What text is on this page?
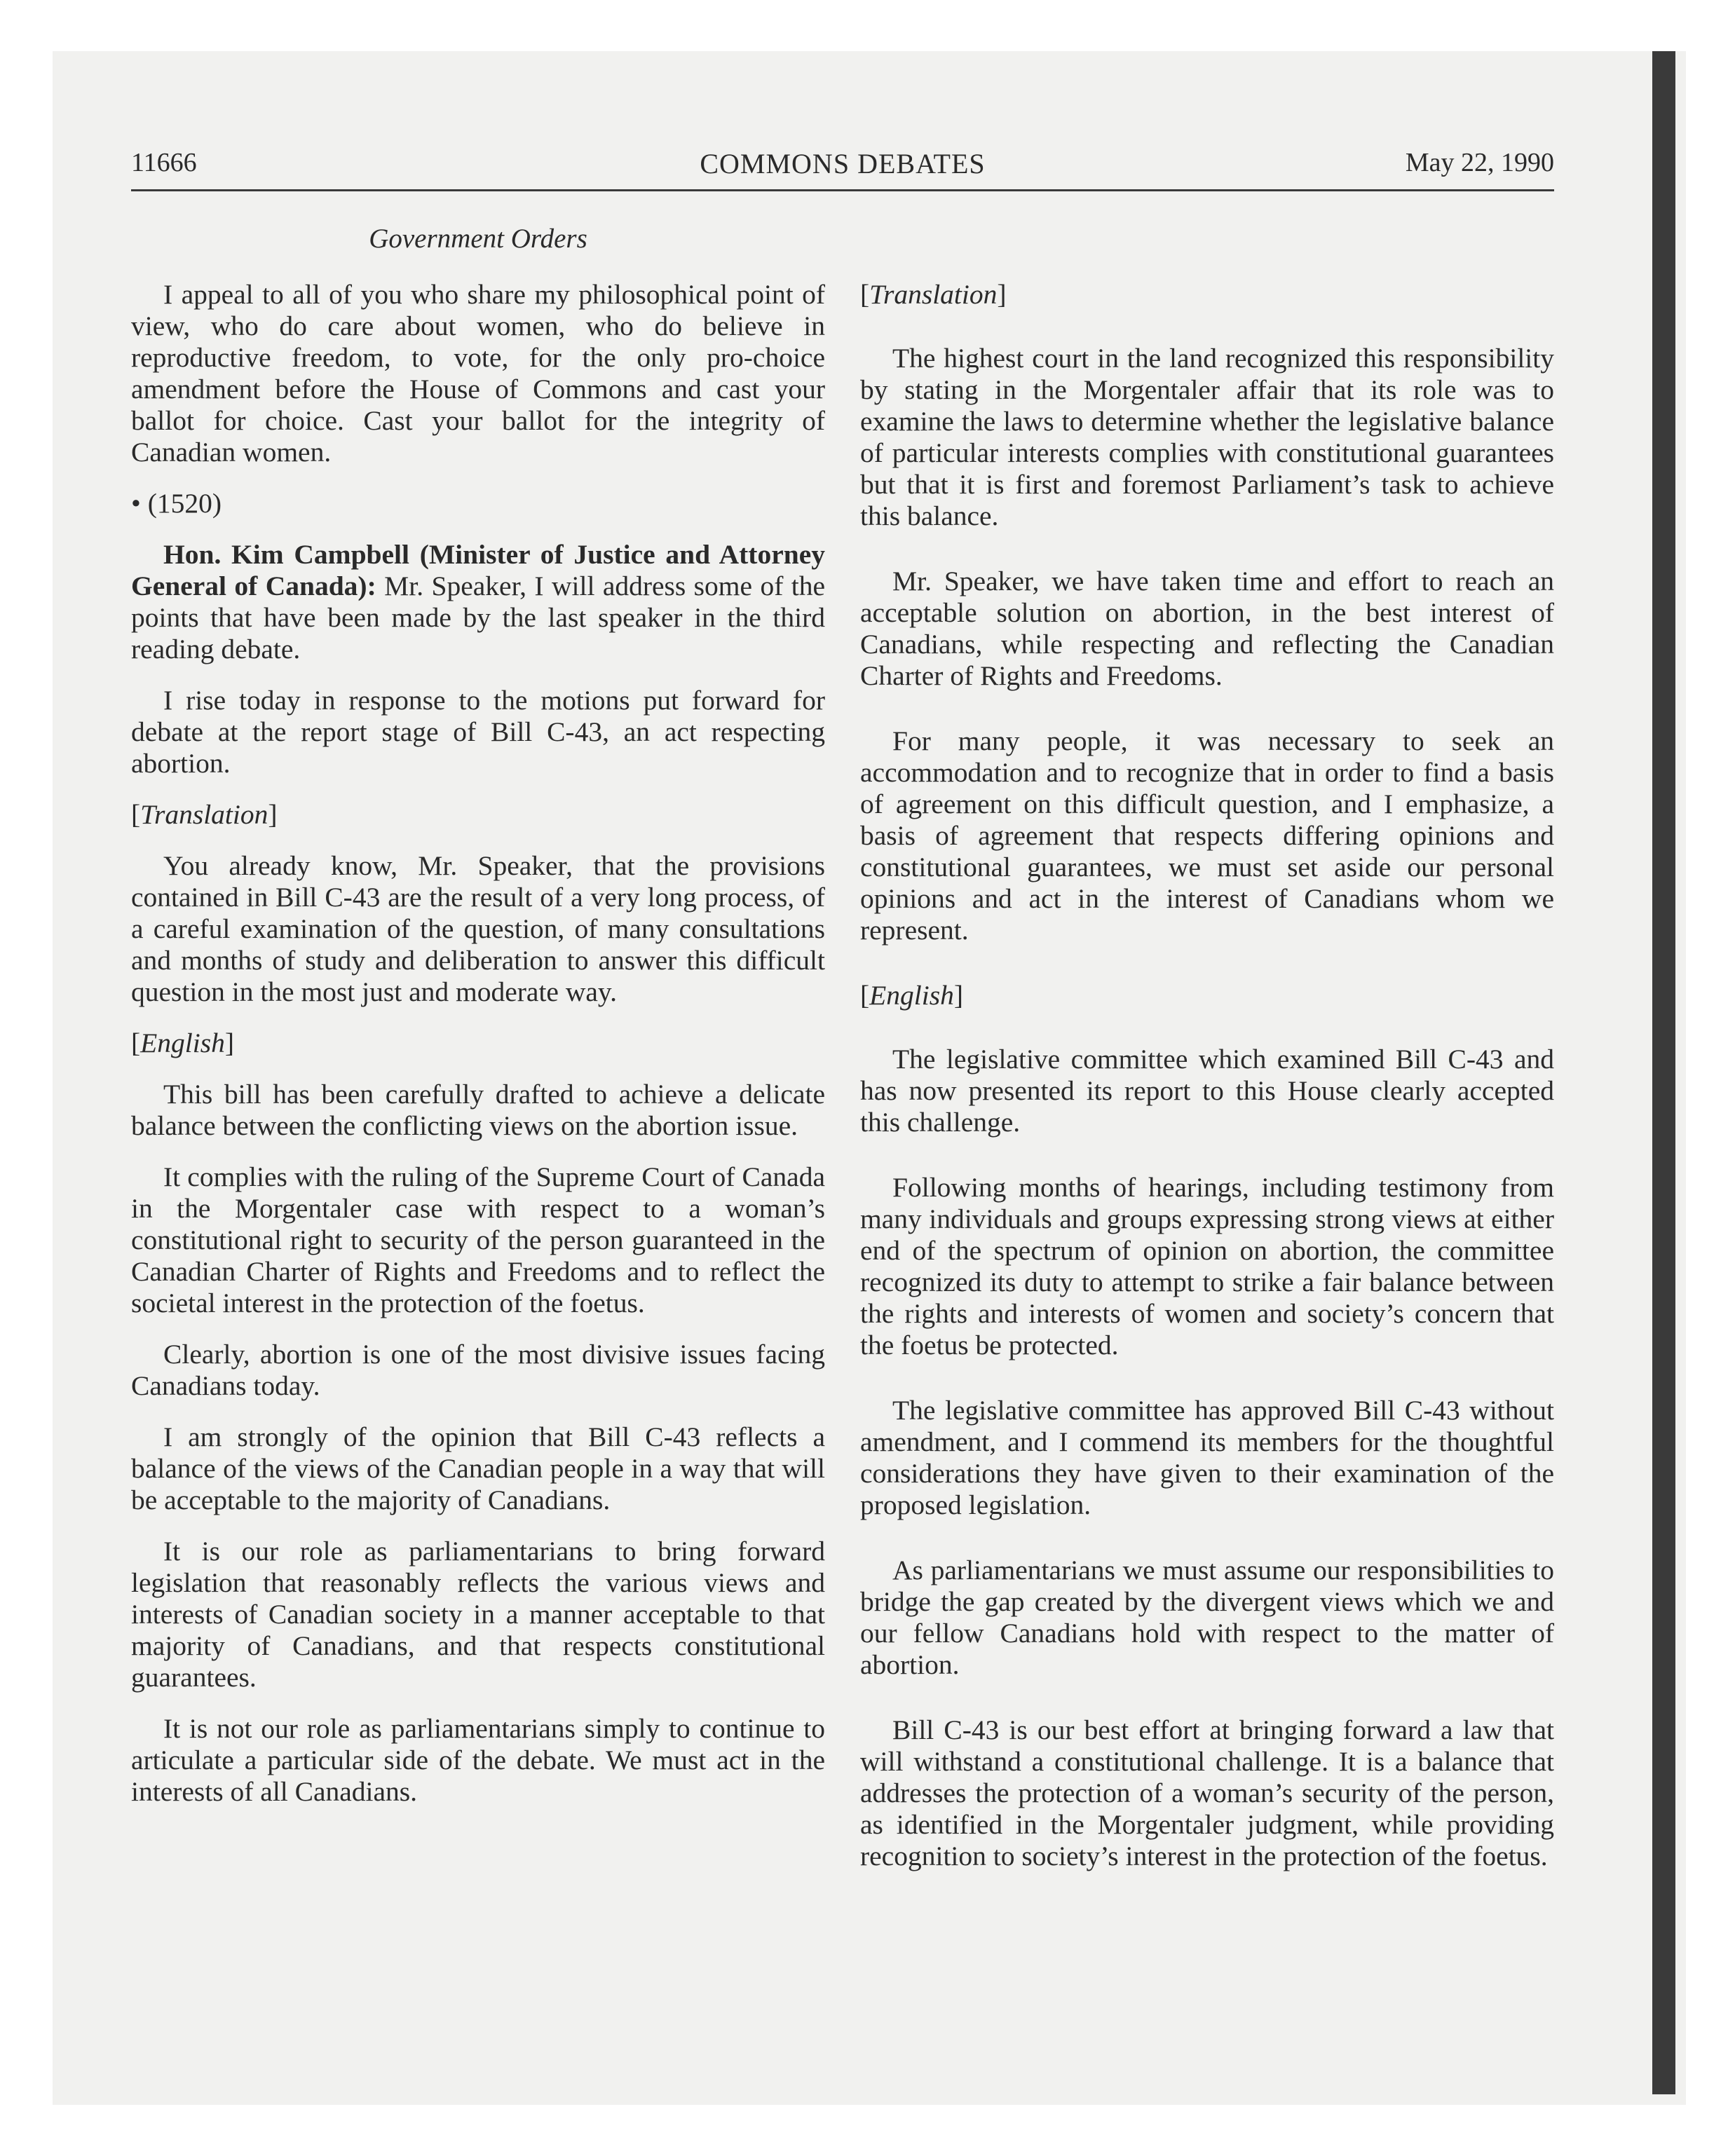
11666	COMMONS DEBATES	May 22, 1990
Government Orders

I appeal to all of you who share my philosophical point of view, who do care about women, who do believe in reproductive freedom, to vote, for the only pro-choice amendment before the House of Commons and cast your ballot for choice. Cast your ballot for the integrity of Canadian women.

• (1520)

Hon. Kim Campbell (Minister of Justice and Attorney General of Canada): Mr. Speaker, I will address some of the points that have been made by the last speaker in the third reading debate.

I rise today in response to the motions put forward for debate at the report stage of Bill C-43, an act respecting abortion.

[Translation]

You already know, Mr. Speaker, that the provisions contained in Bill C-43 are the result of a very long process, of a careful examination of the question, of many consultations and months of study and deliberation to answer this difficult question in the most just and moderate way.

[English]

This bill has been carefully drafted to achieve a delicate balance between the conflicting views on the abortion issue.

It complies with the ruling of the Supreme Court of Canada in the Morgentaler case with respect to a woman’s constitutional right to security of the person guaranteed in the Canadian Charter of Rights and Freedoms and to reflect the societal interest in the protection of the foetus.

Clearly, abortion is one of the most divisive issues facing Canadians today.

I am strongly of the opinion that Bill C-43 reflects a balance of the views of the Canadian people in a way that will be acceptable to the majority of Canadians.

It is our role as parliamentarians to bring forward legislation that reasonably reflects the various views and interests of Canadian society in a manner acceptable to that majority of Canadians, and that respects constitutional guarantees.

It is not our role as parliamentarians simply to continue to articulate a particular side of the debate. We must act in the interests of all Canadians.

[Translation]

The highest court in the land recognized this responsibility by stating in the Morgentaler affair that its role was to examine the laws to determine whether the legislative balance of particular interests complies with constitutional guarantees but that it is first and foremost Parliament’s task to achieve this balance.

Mr. Speaker, we have taken time and effort to reach an acceptable solution on abortion, in the best interest of Canadians, while respecting and reflecting the Canadian Charter of Rights and Freedoms.

For many people, it was necessary to seek an accommodation and to recognize that in order to find a basis of agreement on this difficult question, and I emphasize, a basis of agreement that respects differing opinions and constitutional guarantees, we must set aside our personal opinions and act in the interest of Canadians whom we represent.

[English]

The legislative committee which examined Bill C-43 and has now presented its report to this House clearly accepted this challenge.

Following months of hearings, including testimony from many individuals and groups expressing strong views at either end of the spectrum of opinion on abortion, the committee recognized its duty to attempt to strike a fair balance between the rights and interests of women and society’s concern that the foetus be protected.

The legislative committee has approved Bill C-43 without amendment, and I commend its members for the thoughtful considerations they have given to their examination of the proposed legislation.

As parliamentarians we must assume our responsibilities to bridge the gap created by the divergent views which we and our fellow Canadians hold with respect to the matter of abortion.

Bill C-43 is our best effort at bringing forward a law that will withstand a constitutional challenge. It is a balance that addresses the protection of a woman’s security of the person, as identified in the Morgentaler judgment, while providing recognition to society’s interest in the protection of the foetus.
